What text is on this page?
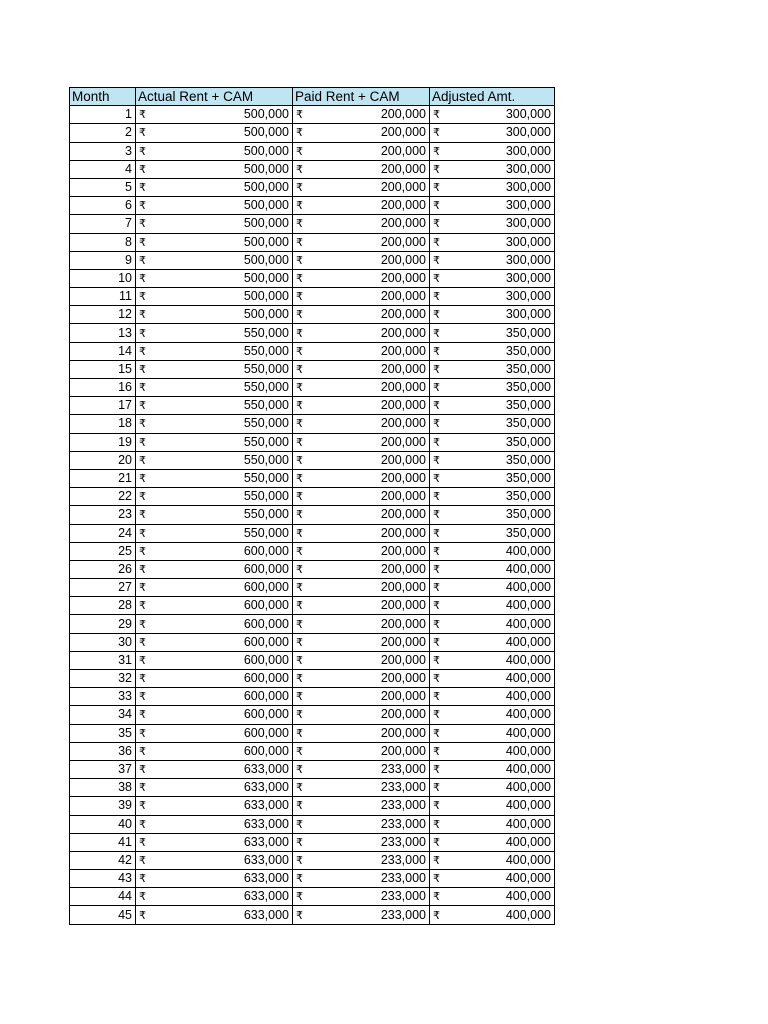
Month	Actual Rent + CAM	Paid Rent + CAM	Adjusted Amt.
1	₹ 500,000	₹ 200,000	₹ 300,000

2	₹ 500,000	₹ 200,000	₹ 300,000

3	₹ 500,000	₹ 200,000	₹ 300,000

4	₹ 500,000	₹ 200,000	₹ 300,000

5	₹ 500,000	₹ 200,000	₹ 300,000

6	₹ 500,000	₹ 200,000	₹ 300,000

7	₹ 500,000	₹ 200,000	₹ 300,000

8	₹ 500,000	₹ 200,000	₹ 300,000

9	₹ 500,000	₹ 200,000	₹ 300,000

10	₹ 500,000	₹ 200,000	₹ 300,000

11	₹ 500,000	₹ 200,000	₹ 300,000

12	₹ 500,000	₹ 200,000	₹ 300,000

13	₹ 550,000	₹ 200,000	₹ 350,000

14	₹ 550,000	₹ 200,000	₹ 350,000

15	₹ 550,000	₹ 200,000	₹ 350,000

16	₹ 550,000	₹ 200,000	₹ 350,000

17	₹ 550,000	₹ 200,000	₹ 350,000

18	₹ 550,000	₹ 200,000	₹ 350,000

19	₹ 550,000	₹ 200,000	₹ 350,000

20	₹ 550,000	₹ 200,000	₹ 350,000

21	₹ 550,000	₹ 200,000	₹ 350,000

22	₹ 550,000	₹ 200,000	₹ 350,000

23	₹ 550,000	₹ 200,000	₹ 350,000

24	₹ 550,000	₹ 200,000	₹ 350,000

25	₹ 600,000	₹ 200,000	₹ 400,000

26	₹ 600,000	₹ 200,000	₹ 400,000

27	₹ 600,000	₹ 200,000	₹ 400,000

28	₹ 600,000	₹ 200,000	₹ 400,000

29	₹ 600,000	₹ 200,000	₹ 400,000

30	₹ 600,000	₹ 200,000	₹ 400,000

31	₹ 600,000	₹ 200,000	₹ 400,000

32	₹ 600,000	₹ 200,000	₹ 400,000

33	₹ 600,000	₹ 200,000	₹ 400,000

34	₹ 600,000	₹ 200,000	₹ 400,000

35	₹ 600,000	₹ 200,000	₹ 400,000

36	₹ 600,000	₹ 200,000	₹ 400,000

37	₹ 633,000	₹ 233,000	₹ 400,000

38	₹ 633,000	₹ 233,000	₹ 400,000

39	₹ 633,000	₹ 233,000	₹ 400,000

40	₹ 633,000	₹ 233,000	₹ 400,000

41	₹ 633,000	₹ 233,000	₹ 400,000

42	₹ 633,000	₹ 233,000	₹ 400,000

43	₹ 633,000	₹ 233,000	₹ 400,000

44	₹ 633,000	₹ 233,000	₹ 400,000

45	₹ 633,000	₹ 233,000	₹ 400,000
